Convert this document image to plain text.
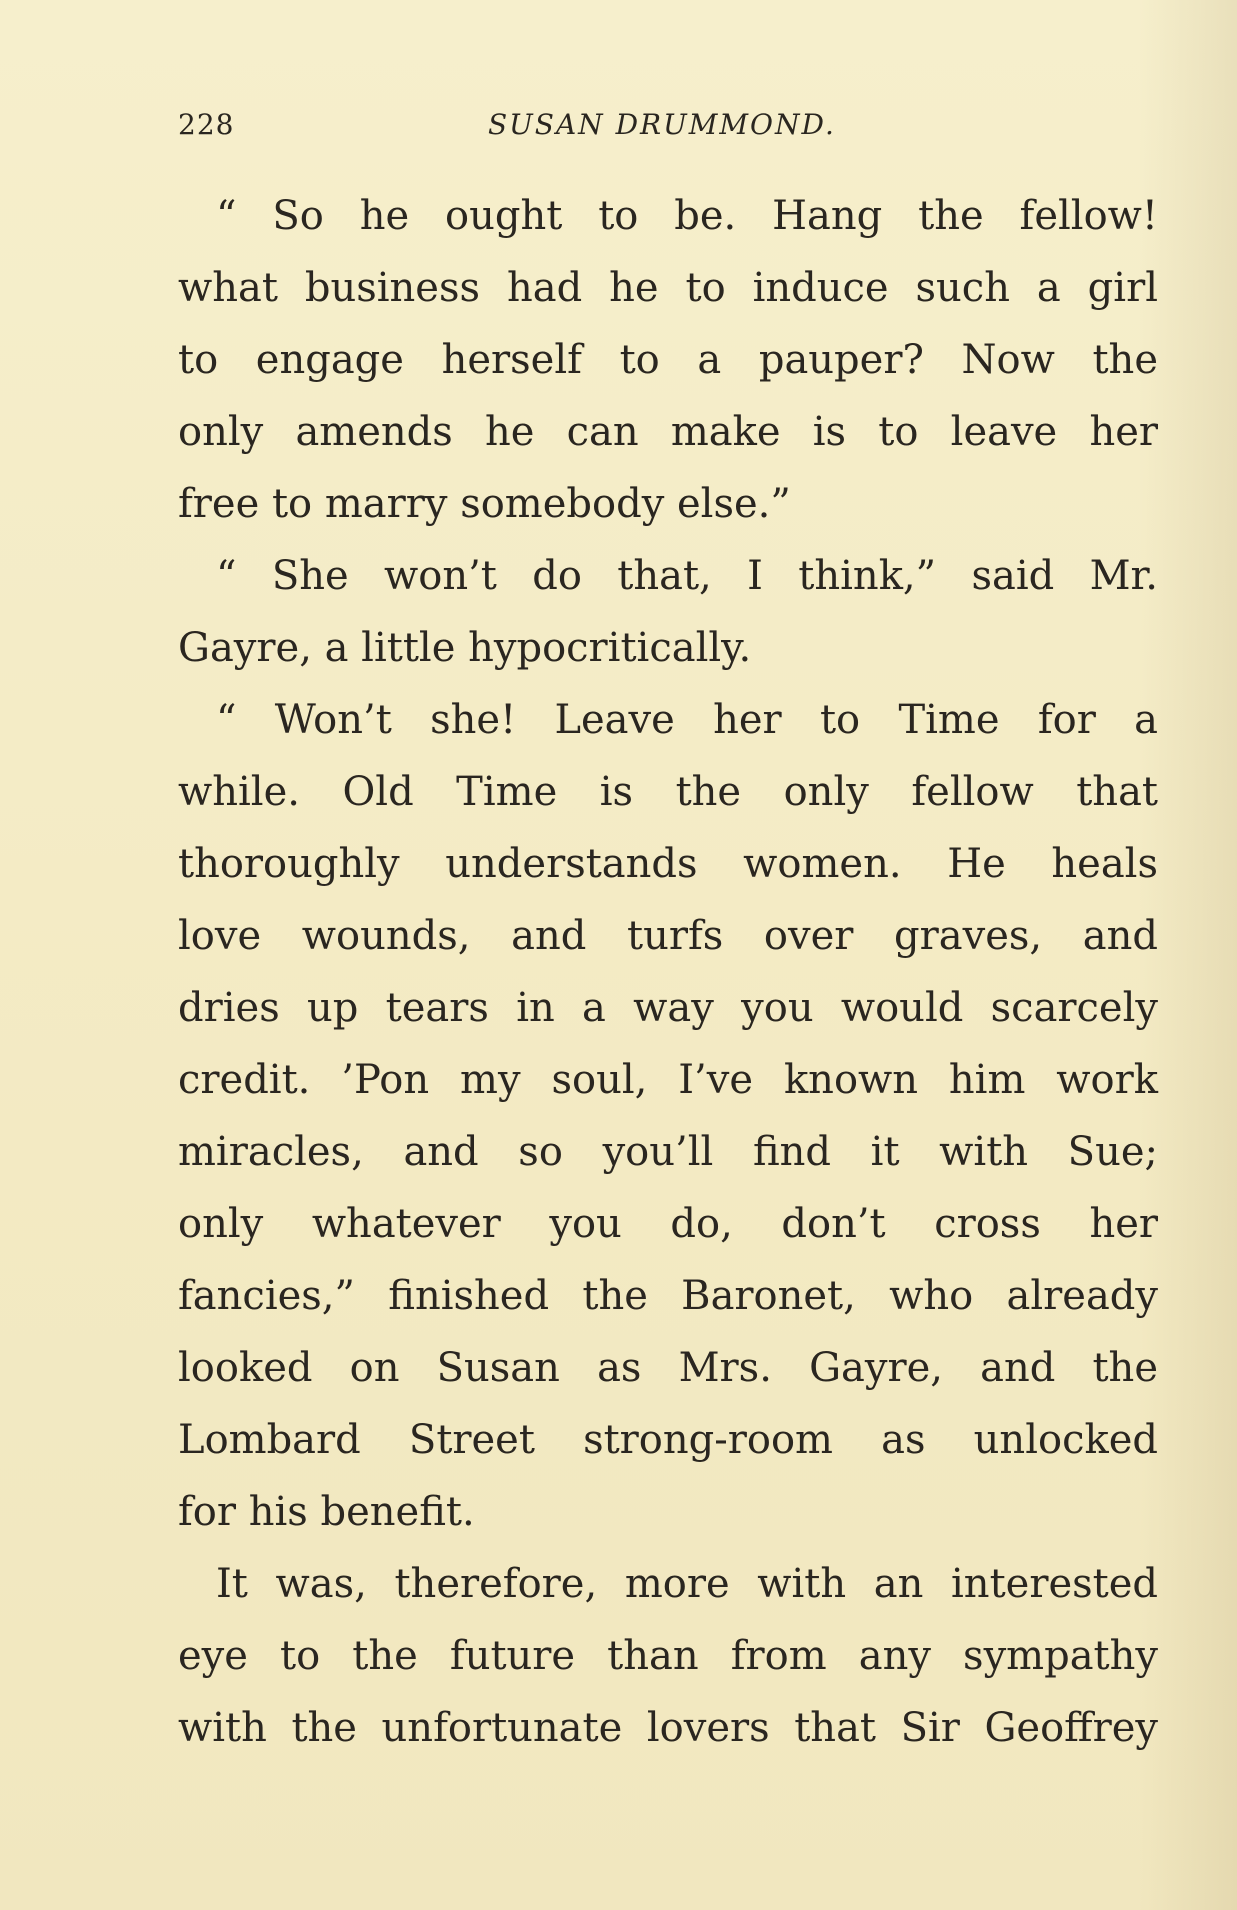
228	SUSAN DRUMMOND.
“ So he ought to be. Hang the fellow!
what business had he to induce such a girl
to engage herself to a pauper? Now the
only amends he can make is to leave her
free to marry somebody else.”
“ She won’t do that, I think,” said Mr.
Gayre, a little hypocritically.
“ Won’t she! Leave her to Time for a
while. Old Time is the only fellow that
thoroughly understands women. He heals
love wounds, and turfs over graves, and
dries up tears in a way you would scarcely
credit. ’Pon my soul, I’ve known him work
miracles, and so you’ll find it with Sue;
only whatever you do, don’t cross her
fancies,” finished the Baronet, who already
looked on Susan as Mrs. Gayre, and the
Lombard Street strong-room as unlocked
for his benefit.
It was, therefore, more with an interested
eye to the future than from any sympathy
with the unfortunate lovers that Sir Geoffrey
